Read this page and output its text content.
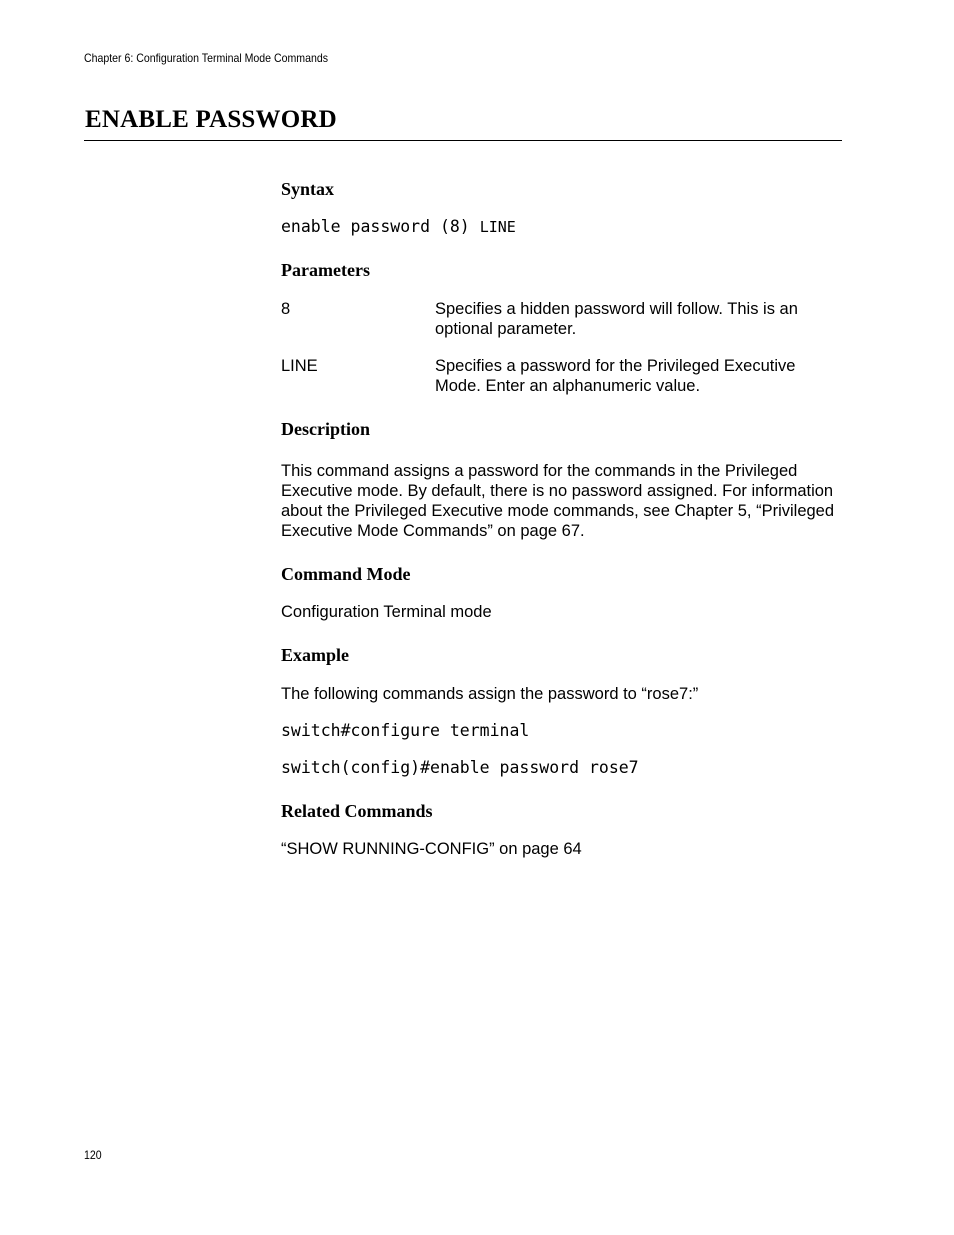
Chapter 6: Configuration Terminal Mode Commands
ENABLE PASSWORD
Syntax
enable password (8) LINE
Parameters
8	Specifies a hidden password will follow. This is an optional parameter.
LINE	Specifies a password for the Privileged Executive Mode. Enter an alphanumeric value.
Description
This command assigns a password for the commands in the Privileged Executive mode. By default, there is no password assigned. For information about the Privileged Executive mode commands, see Chapter 5, “Privileged Executive Mode Commands” on page 67.
Command Mode
Configuration Terminal mode
Example
The following commands assign the password to “rose7:”
switch#configure terminal
switch(config)#enable password rose7
Related Commands
“SHOW RUNNING-CONFIG” on page 64
120
